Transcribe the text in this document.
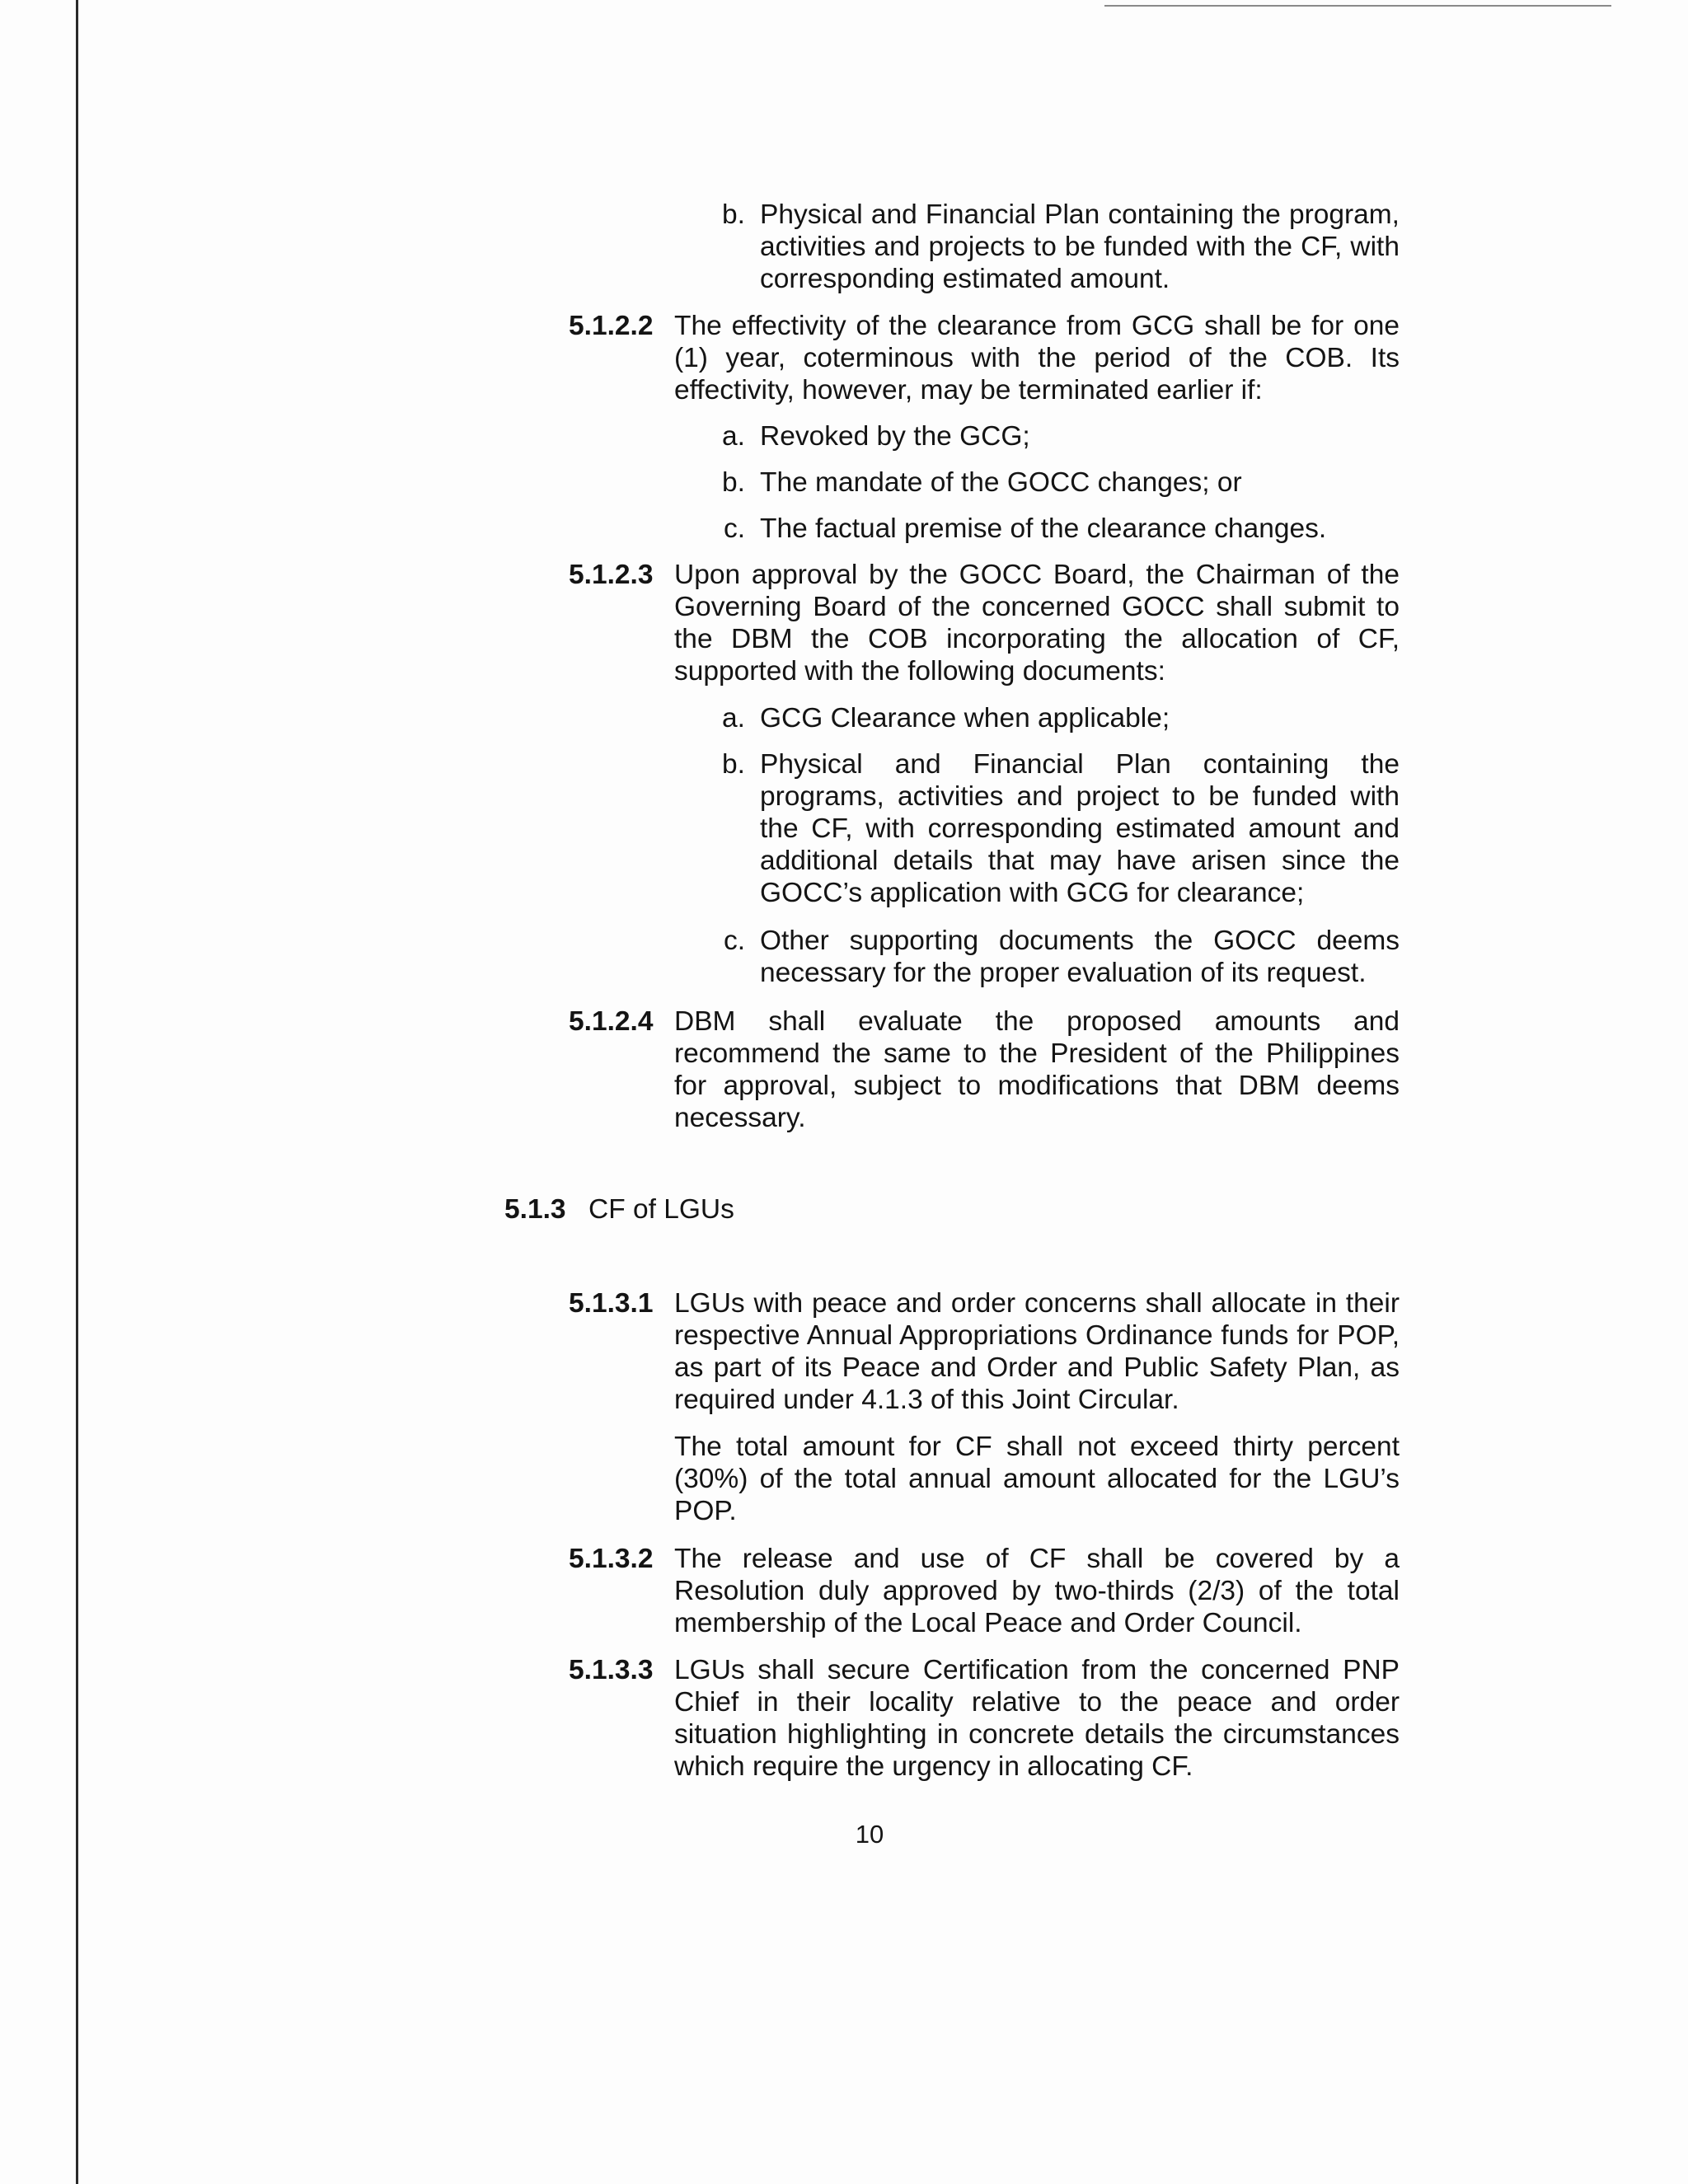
b. Physical and Financial Plan containing the program, activities and projects to be funded with the CF, with corresponding estimated amount.

5.1.2.2 The effectivity of the clearance from GCG shall be for one (1) year, coterminous with the period of the COB. Its effectivity, however, may be terminated earlier if:

a. Revoked by the GCG;

b. The mandate of the GOCC changes; or

c. The factual premise of the clearance changes.

5.1.2.3 Upon approval by the GOCC Board, the Chairman of the Governing Board of the concerned GOCC shall submit to the DBM the COB incorporating the allocation of CF, supported with the following documents:

a. GCG Clearance when applicable;

b. Physical and Financial Plan containing the programs, activities and project to be funded with the CF, with corresponding estimated amount and additional details that may have arisen since the GOCC’s application with GCG for clearance;

c. Other supporting documents the GOCC deems necessary for the proper evaluation of its request.

5.1.2.4 DBM shall evaluate the proposed amounts and recommend the same to the President of the Philippines for approval, subject to modifications that DBM deems necessary.

5.1.3 CF of LGUs
5.1.3.1 LGUs with peace and order concerns shall allocate in their respective Annual Appropriations Ordinance funds for POP, as part of its Peace and Order and Public Safety Plan, as required under 4.1.3 of this Joint Circular.

The total amount for CF shall not exceed thirty percent (30%) of the total annual amount allocated for the LGU’s POP.

5.1.3.2 The release and use of CF shall be covered by a Resolution duly approved by two-thirds (2/3) of the total membership of the Local Peace and Order Council.

5.1.3.3 LGUs shall secure Certification from the concerned PNP Chief in their locality relative to the peace and order situation highlighting in concrete details the circumstances which require the urgency in allocating CF.

10
